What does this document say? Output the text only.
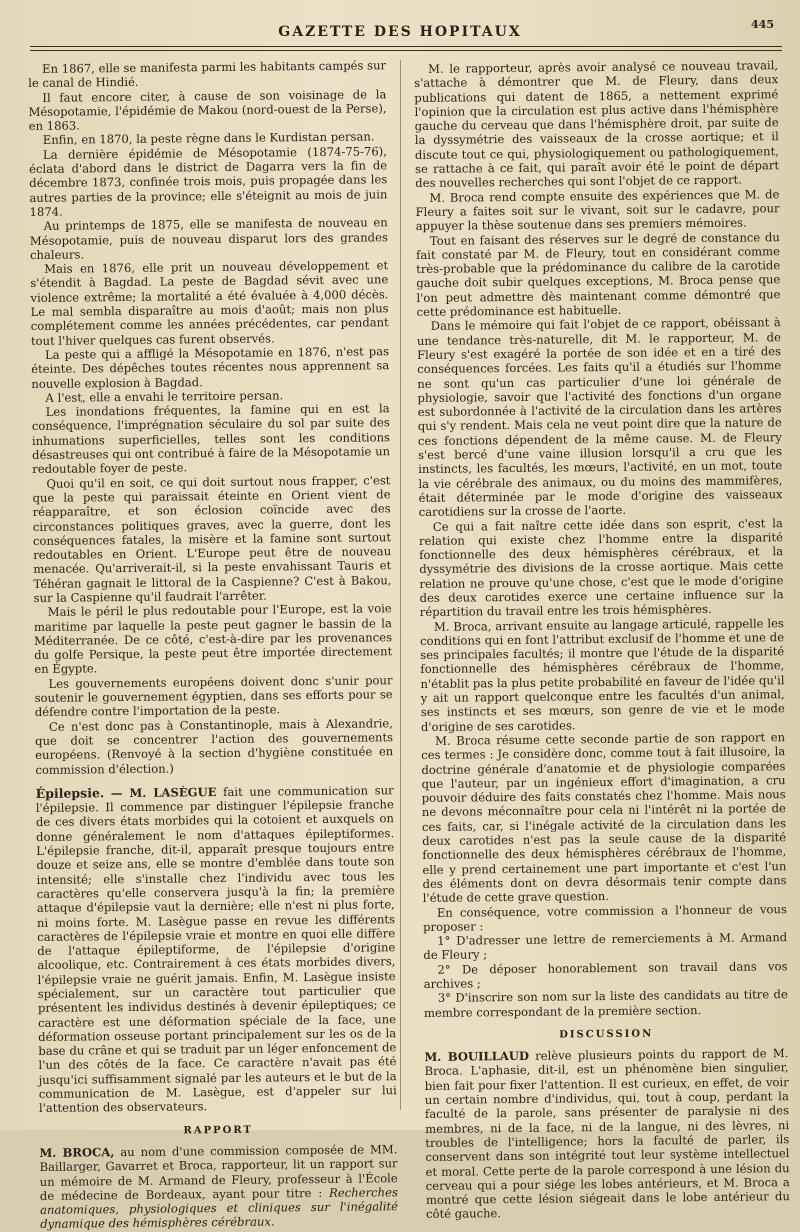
GAZETTE DES HOPITAUX	445

En 1867, elle se manifesta parmi les habitants campés sur le canal de Hindié.

Il faut encore citer, à cause de son voisinage de la Mésopotamie, l'épidémie de Makou (nord-ouest de la Perse), en 1863.

Enfin, en 1870, la peste règne dans le Kurdistan persan.

La dernière épidémie de Mésopotamie (1874-75-76), éclata d'abord dans le district de Dagarra vers la fin de décembre 1873, confinée trois mois, puis propagée dans les autres parties de la province; elle s'éteignit au mois de juin 1874.

Au printemps de 1875, elle se manifesta de nouveau en Mésopotamie, puis de nouveau disparut lors des grandes chaleurs.

Mais en 1876, elle prit un nouveau développement et s'étendit à Bagdad. La peste de Bagdad sévit avec une violence extrême; la mortalité a été évaluée à 4,000 décès. Le mal sembla disparaître au mois d'août; mais non plus complétement comme les années précédentes, car pendant tout l'hiver quelques cas furent observés.

La peste qui a affligé la Mésopotamie en 1876, n'est pas éteinte. Des dépêches toutes récentes nous apprennent sa nouvelle explosion à Bagdad.

A l'est, elle a envahi le territoire persan.

Les inondations fréquentes, la famine qui en est la conséquence, l'imprégnation séculaire du sol par suite des inhumations superficielles, telles sont les conditions désastreuses qui ont contribué à faire de la Mésopotamie un redoutable foyer de peste.

Quoi qu'il en soit, ce qui doit surtout nous frapper, c'est que la peste qui paraissait éteinte en Orient vient de réapparaître, et son éclosion coïncide avec des circonstances politiques graves, avec la guerre, dont les conséquences fatales, la misère et la famine sont surtout redoutables en Orient. L'Europe peut être de nouveau menacée. Qu'arriverait-il, si la peste envahissant Tauris et Téhéran gagnait le littoral de la Caspienne? C'est à Bakou, sur la Caspienne qu'il faudrait l'arrêter.

Mais le péril le plus redoutable pour l'Europe, est la voie maritime par laquelle la peste peut gagner le bassin de la Méditerranée. De ce côté, c'est-à-dire par les provenances du golfe Persique, la peste peut être importée directement en Égypte.

Les gouvernements européens doivent donc s'unir pour soutenir le gouvernement égyptien, dans ses efforts pour se défendre contre l'importation de la peste.

Ce n'est donc pas à Constantinople, mais à Alexandrie, que doit se concentrer l'action des gouvernements européens. (Renvoyé à la section d'hygiène constituée en commission d'élection.)

Épilepsie. — M. LASÈGUE fait une communication sur l'épilepsie. Il commence par distinguer l'épilepsie franche de ces divers états morbides qui la cotoient et auxquels on donne généralement le nom d'attaques épileptiformes. L'épilepsie franche, dit-il, apparaît presque toujours entre douze et seize ans, elle se montre d'emblée dans toute son intensité; elle s'installe chez l'individu avec tous les caractères qu'elle conservera jusqu'à la fin; la première attaque d'épilepsie vaut la dernière; elle n'est ni plus forte, ni moins forte. M. Lasègue passe en revue les différents caractères de l'épilepsie vraie et montre en quoi elle diffère de l'attaque épileptiforme, de l'épilepsie d'origine alcoolique, etc. Contrairement à ces états morbides divers, l'épilepsie vraie ne guérit jamais. Enfin, M. Lasègue insiste spécialement, sur un caractère tout particulier que présentent les individus destinés à devenir épileptiques; ce caractère est une déformation spéciale de la face, une déformation osseuse portant principalement sur les os de la base du crâne et qui se traduit par un léger enfoncement de l'un des côtés de la face. Ce caractère n'avait pas été jusqu'ici suffisamment signalé par les auteurs et le but de la communication de M. Lasègue, est d'appeler sur lui l'attention des observateurs.

RAPPORT

M. BROCA, au nom d'une commission composée de MM. Baillarger, Gavarret et Broca, rapporteur, lit un rapport sur un mémoire de M. Armand de Fleury, professeur à l'École de médecine de Bordeaux, ayant pour titre : Recherches anatomiques, physiologiques et cliniques sur l'inégalité dynamique des hémisphères cérébraux.

M. le rapporteur, après avoir analysé ce nouveau travail, s'attache à démontrer que M. de Fleury, dans deux publications qui datent de 1865, a nettement exprimé l'opinion que la circulation est plus active dans l'hémisphère gauche du cerveau que dans l'hémisphère droit, par suite de la dyssymétrie des vaisseaux de la crosse aortique; et il discute tout ce qui, physiologiquement ou pathologiquement, se rattache à ce fait, qui paraît avoir été le point de départ des nouvelles recherches qui sont l'objet de ce rapport.

M. Broca rend compte ensuite des expériences que M. de Fleury a faites soit sur le vivant, soit sur le cadavre, pour appuyer la thèse soutenue dans ses premiers mémoires.

Tout en faisant des réserves sur le degré de constance du fait constaté par M. de Fleury, tout en considérant comme très-probable que la prédominance du calibre de la carotide gauche doit subir quelques exceptions, M. Broca pense que l'on peut admettre dès maintenant comme démontré que cette prédominance est habituelle.

Dans le mémoire qui fait l'objet de ce rapport, obéissant à une tendance très-naturelle, dit M. le rapporteur, M. de Fleury s'est exagéré la portée de son idée et en a tiré des conséquences forcées. Les faits qu'il a étudiés sur l'homme ne sont qu'un cas particulier d'une loi générale de physiologie, savoir que l'activité des fonctions d'un organe est subordonnée à l'activité de la circulation dans les artères qui s'y rendent. Mais cela ne veut point dire que la nature de ces fonctions dépendent de la même cause. M. de Fleury s'est bercé d'une vaine illusion lorsqu'il a cru que les instincts, les facultés, les mœurs, l'activité, en un mot, toute la vie cérébrale des animaux, ou du moins des mammifères, était déterminée par le mode d'origine des vaisseaux carotidiens sur la crosse de l'aorte.

Ce qui a fait naître cette idée dans son esprit, c'est la relation qui existe chez l'homme entre la disparité fonctionnelle des deux hémisphères cérébraux, et la dyssymétrie des divisions de la crosse aortique. Mais cette relation ne prouve qu'une chose, c'est que le mode d'origine des deux carotides exerce une certaine influence sur la répartition du travail entre les trois hémisphères.

M. Broca, arrivant ensuite au langage articulé, rappelle les conditions qui en font l'attribut exclusif de l'homme et une de ses principales facultés; il montre que l'étude de la disparité fonctionnelle des hémisphères cérébraux de l'homme, n'établit pas la plus petite probabilité en faveur de l'idée qu'il y ait un rapport quelconque entre les facultés d'un animal, ses instincts et ses mœurs, son genre de vie et le mode d'origine de ses carotides.

M. Broca résume cette seconde partie de son rapport en ces termes : Je considère donc, comme tout à fait illusoire, la doctrine générale d'anatomie et de physiologie comparées que l'auteur, par un ingénieux effort d'imagination, a cru pouvoir déduire des faits constatés chez l'homme. Mais nous ne devons méconnaître pour cela ni l'intérêt ni la portée de ces faits, car, si l'inégale activité de la circulation dans les deux carotides n'est pas la seule cause de la disparité fonctionnelle des deux hémisphères cérébraux de l'homme, elle y prend certainement une part importante et c'est l'un des éléments dont on devra désormais tenir compte dans l'étude de cette grave question.

En conséquence, votre commission a l'honneur de vous proposer :

1° D'adresser une lettre de remerciements à M. Armand de Fleury ;

2° De déposer honorablement son travail dans vos archives ;

3° D'inscrire son nom sur la liste des candidats au titre de membre correspondant de la première section.

DISCUSSION

M. BOUILLAUD relève plusieurs points du rapport de M. Broca. L'aphasie, dit-il, est un phénomène bien singulier, bien fait pour fixer l'attention. Il est curieux, en effet, de voir un certain nombre d'individus, qui, tout à coup, perdant la faculté de la parole, sans présenter de paralysie ni des membres, ni de la face, ni de la langue, ni des lèvres, ni troubles de l'intelligence; hors la faculté de parler, ils conservent dans son intégrité tout leur système intellectuel et moral. Cette perte de la parole correspond à une lésion du cerveau qui a pour siége les lobes antérieurs, et M. Broca a montré que cette lésion siégeait dans le lobe antérieur du côté gauche.
